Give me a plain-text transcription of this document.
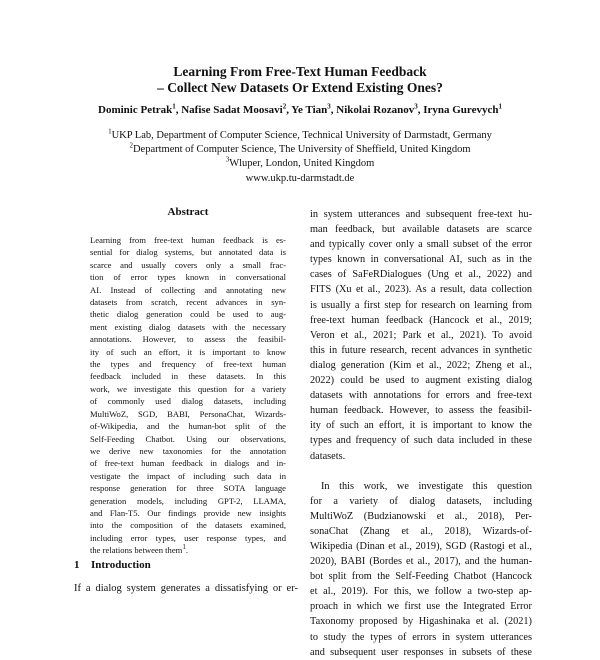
Learning From Free-Text Human Feedback
– Collect New Datasets Or Extend Existing Ones?
Dominic Petrak$^1$, Nafise Sadat Moosavi$^2$, Ye Tian$^3$, Nikolai Rozanov$^3$, Iryna Gurevych$^1$
$^1$UKP Lab, Department of Computer Science, Technical University of Darmstadt, Germany
$^2$Department of Computer Science, The University of Sheffield, United Kingdom
$^3$Wluper, London, United Kingdom
www.ukp.tu-darmstadt.de
Abstract
Learning from free-text human feedback is es-
sential for dialog systems, but annotated data is
scarce and usually covers only a small frac-
tion of error types known in conversational
AI. Instead of collecting and annotating new
datasets from scratch, recent advances in syn-
thetic dialog generation could be used to aug-
ment existing dialog datasets with the necessary
annotations. However, to assess the feasibil-
ity of such an effort, it is important to know
the types and frequency of free-text human
feedback included in these datasets. In this
work, we investigate this question for a variety
of commonly used dialog datasets, including
MultiWoZ, SGD, BABI, PersonaChat, Wizards-
of-Wikipedia, and the human-bot split of the
Self-Feeding Chatbot. Using our observations,
we derive new taxonomies for the annotation
of free-text human feedback in dialogs and in-
vestigate the impact of including such data in
response generation for three SOTA language
generation models, including GPT-2, LLAMA,
and Flan-T5. Our findings provide new insights
into the composition of the datasets examined,
including error types, user response types, and
the relations between them$^1$.
1 Introduction
If a dialog system generates a dissatisfying or er-
in system utterances and subsequent free-text hu-
man feedback, but available datasets are scarce
and typically cover only a small subset of the error
types known in conversational AI, such as in the
cases of SaFeRDialogues (Ung et al., 2022) and
FITS (Xu et al., 2023). As a result, data collection
is usually a first step for research on learning from
free-text human feedback (Hancock et al., 2019;
Veron et al., 2021; Park et al., 2021). To avoid
this in future research, recent advances in synthetic
dialog generation (Kim et al., 2022; Zheng et al.,
2022) could be used to augment existing dialog
datasets with annotations for errors and free-text
human feedback. However, to assess the feasibil-
ity of such an effort, it is important to know the
types and frequency of such data included in these
datasets.
In this work, we investigate this question
for a variety of dialog datasets, including
MultiWoZ (Budzianowski et al., 2018), Per-
sonaChat (Zhang et al., 2018), Wizards-of-
Wikipedia (Dinan et al., 2019), SGD (Rastogi et al.,
2020), BABI (Bordes et al., 2017), and the human-
bot split from the Self-Feeding Chatbot (Hancock
et al., 2019). For this, we follow a two-step ap-
proach in which we first use the Integrated Error
Taxonomy proposed by Higashinaka et al. (2021)
to study the types of errors in system utterances
and subsequent user responses in subsets of these
